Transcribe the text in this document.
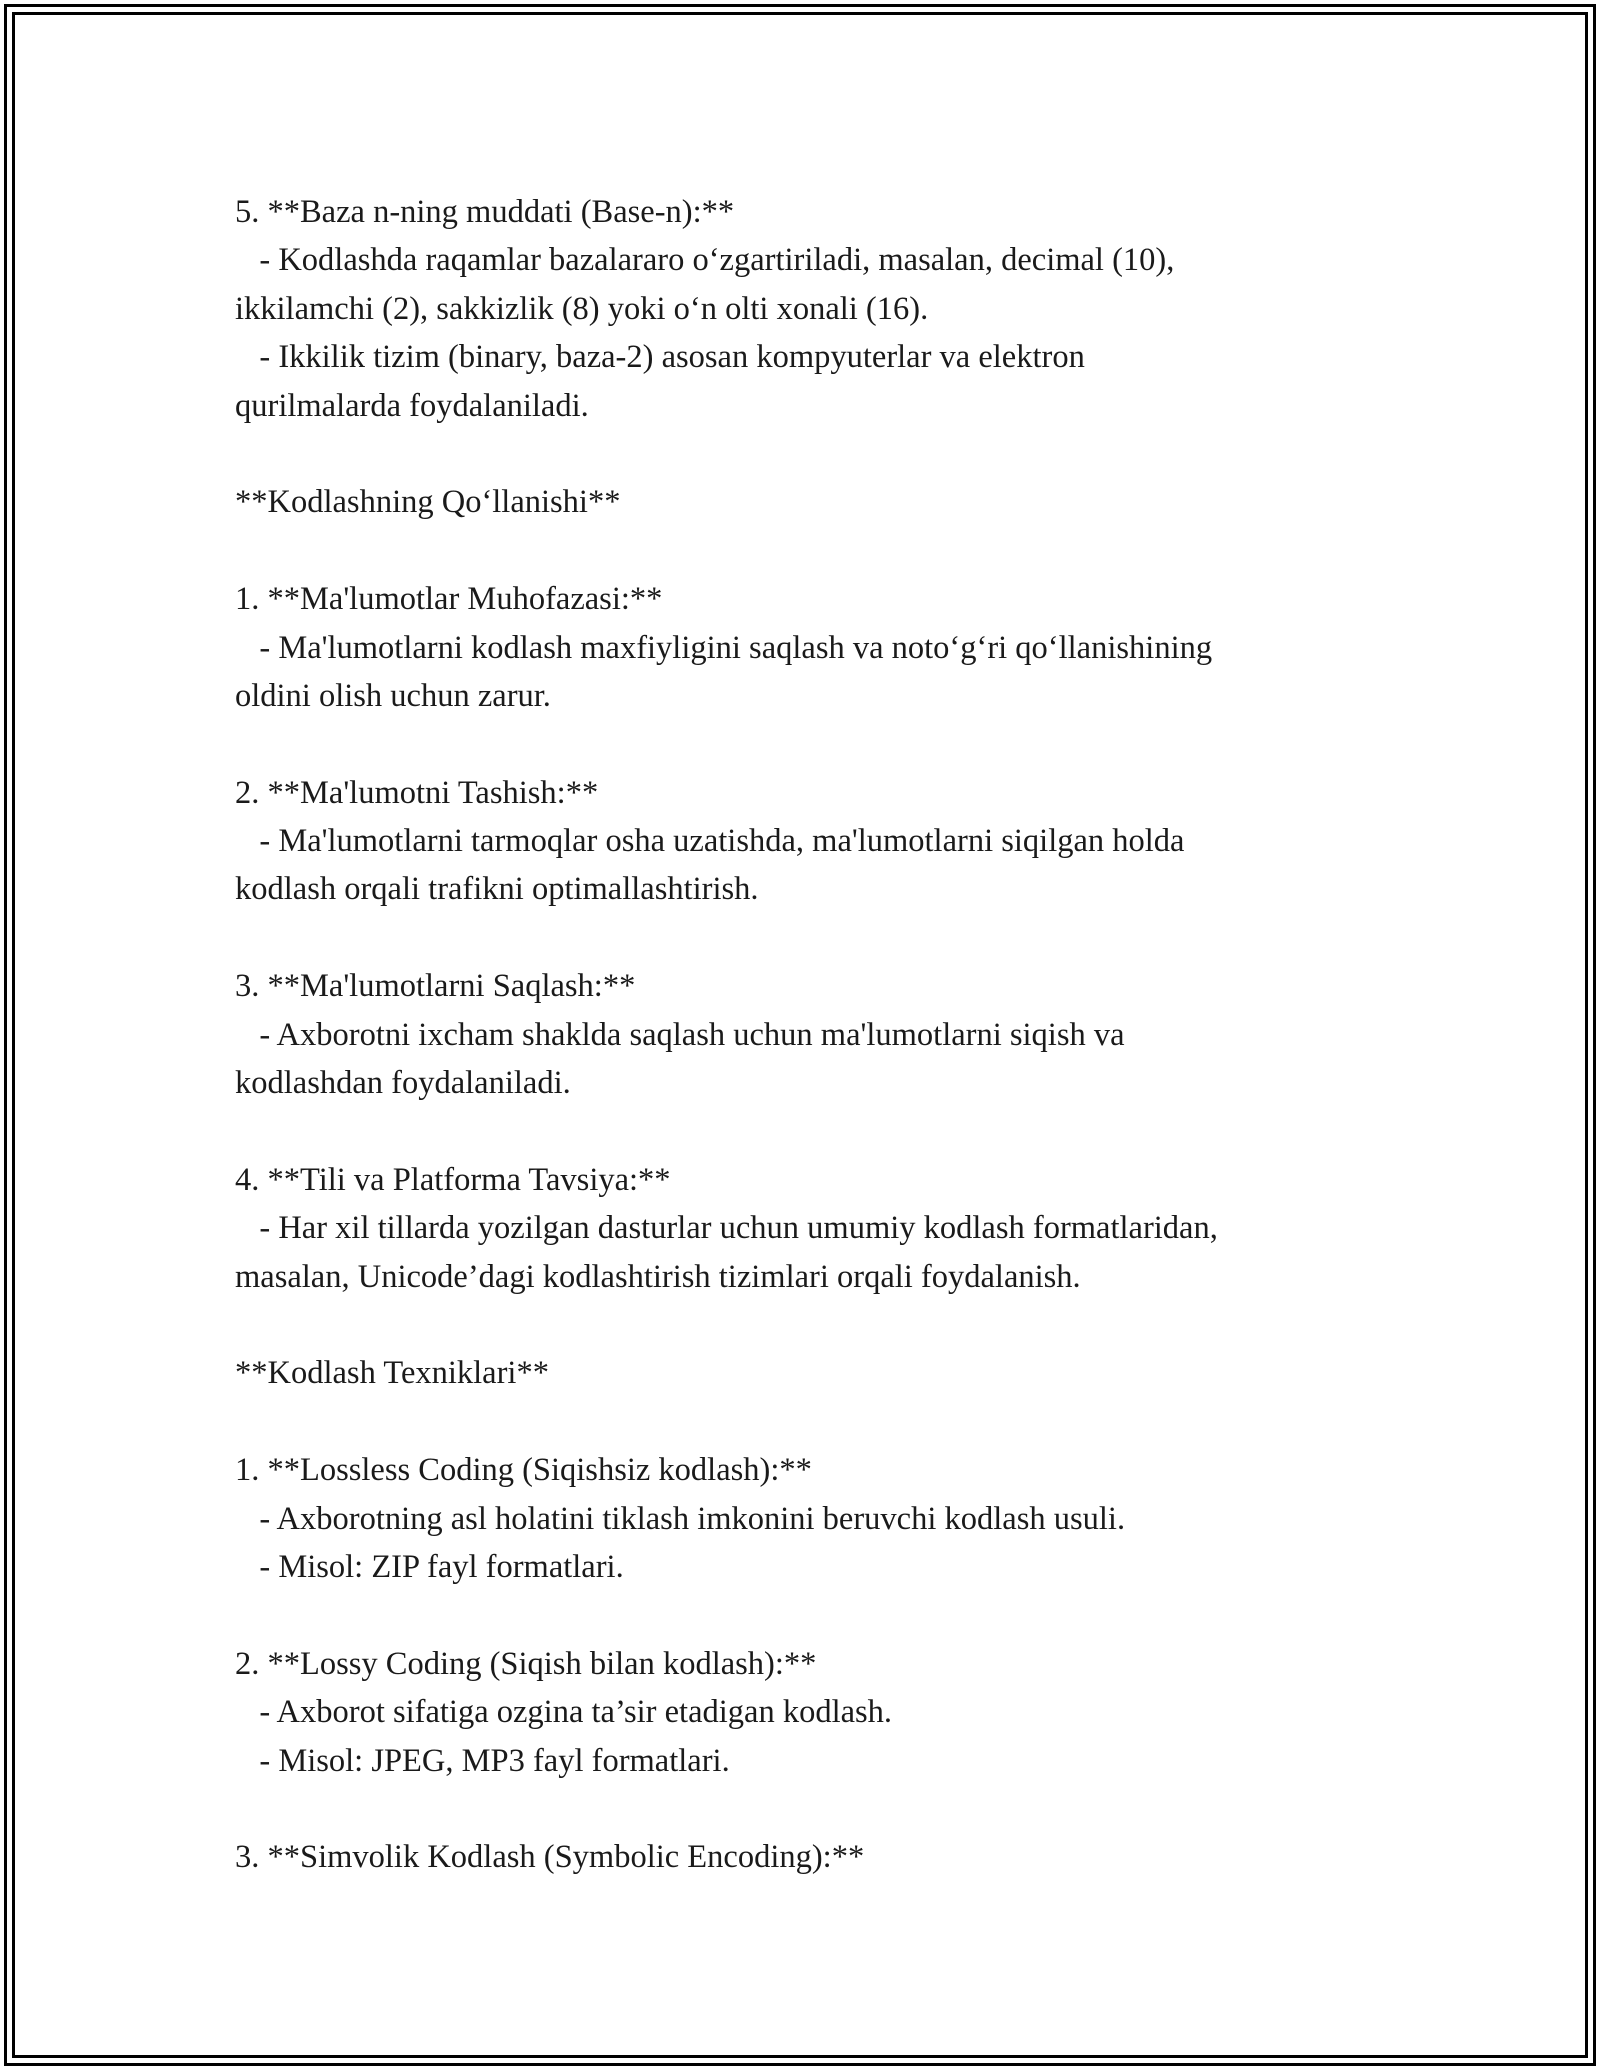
5. **Baza n-ning muddati (Base-n):**
- Kodlashda raqamlar bazalararo o‘zgartiriladi, masalan, decimal (10),
ikkilamchi (2), sakkizlik (8) yoki o‘n olti xonali (16).
- Ikkilik tizim (binary, baza-2) asosan kompyuterlar va elektron
qurilmalarda foydalaniladi.
**Kodlashning Qo‘llanishi**
1. **Ma'lumotlar Muhofazasi:**
- Ma'lumotlarni kodlash maxfiyligini saqlash va noto‘g‘ri qo‘llanishining
oldini olish uchun zarur.
2. **Ma'lumotni Tashish:**
- Ma'lumotlarni tarmoqlar osha uzatishda, ma'lumotlarni siqilgan holda
kodlash orqali trafikni optimallashtirish.
3. **Ma'lumotlarni Saqlash:**
- Axborotni ixcham shaklda saqlash uchun ma'lumotlarni siqish va
kodlashdan foydalaniladi.
4. **Tili va Platforma Tavsiya:**
- Har xil tillarda yozilgan dasturlar uchun umumiy kodlash formatlaridan,
masalan, Unicode’dagi kodlashtirish tizimlari orqali foydalanish.
**Kodlash Texniklari**
1. **Lossless Coding (Siqishsiz kodlash):**
- Axborotning asl holatini tiklash imkonini beruvchi kodlash usuli.
- Misol: ZIP fayl formatlari.
2. **Lossy Coding (Siqish bilan kodlash):**
- Axborot sifatiga ozgina ta’sir etadigan kodlash.
- Misol: JPEG, MP3 fayl formatlari.
3. **Simvolik Kodlash (Symbolic Encoding):**
